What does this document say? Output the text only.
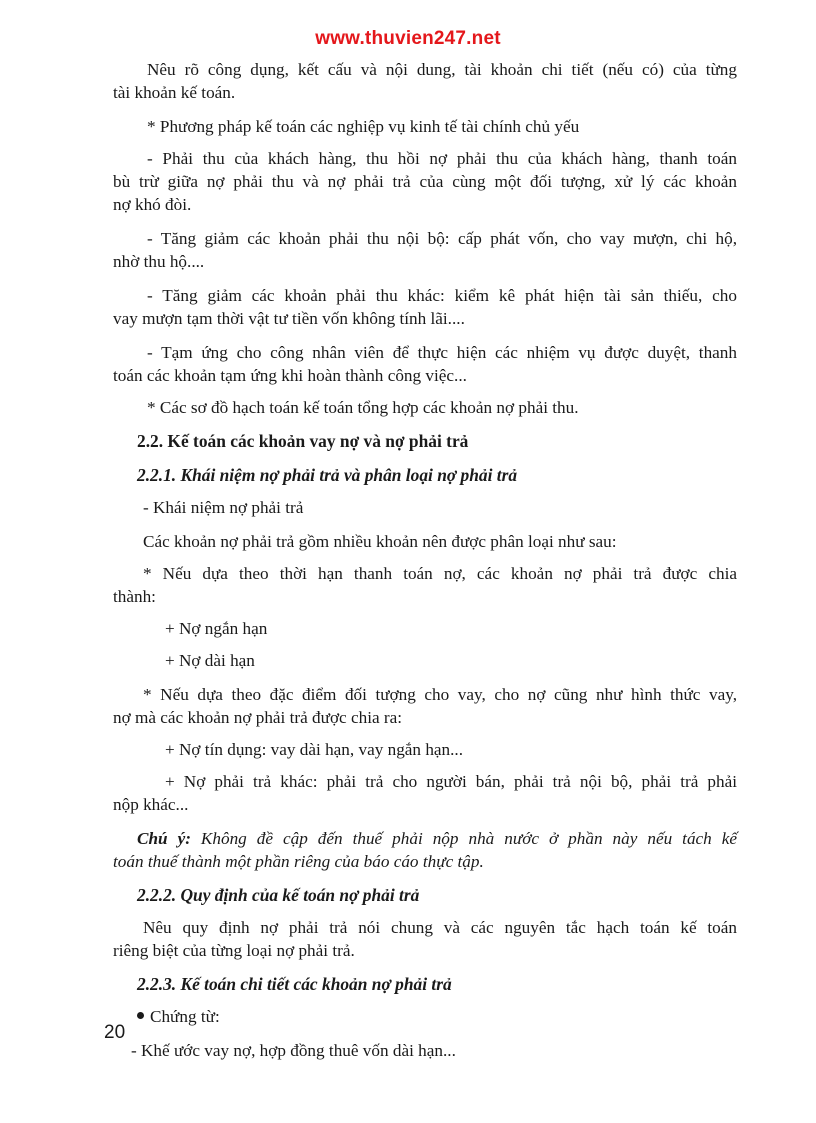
www.thuvien247.net
Nêu rõ công dụng, kết cấu và nội dung, tài khoản chi tiết (nếu có) của từng
tài khoản kế toán.
* Phương pháp kế toán các nghiệp vụ kinh tế tài chính chủ yếu
- Phải thu của khách hàng, thu hồi nợ phải thu của khách hàng, thanh toán
bù trừ giữa nợ phải thu và nợ phải trả của cùng một đối tượng, xử lý các khoản
nợ khó đòi.
- Tăng giảm các khoản phải thu nội bộ: cấp phát vốn, cho vay mượn, chi hộ,
nhờ thu hộ....
- Tăng giảm các khoản phải thu khác: kiểm kê phát hiện tài sản thiếu, cho
vay mượn tạm thời vật tư tiền vốn không tính lãi....
- Tạm ứng cho công nhân viên để thực hiện các nhiệm vụ được duyệt, thanh
toán các khoản tạm ứng khi hoàn thành công việc...
* Các sơ đồ hạch toán kế toán tổng hợp các khoản nợ phải thu.
2.2. Kế toán các khoản vay nợ và nợ phải trả
2.2.1. Khái niệm nợ phải trả và phân loại nợ phải trả
- Khái niệm nợ phải trả
Các khoản nợ phải trả gồm nhiều khoản nên được phân loại như sau:
* Nếu dựa theo thời hạn thanh toán nợ, các khoản nợ phải trả được chia
thành:
+ Nợ ngắn hạn
+ Nợ dài hạn
* Nếu dựa theo đặc điểm đối tượng cho vay, cho nợ cũng như hình thức vay,
nợ mà các khoản nợ phải trả được chia ra:
+ Nợ tín dụng: vay dài hạn, vay ngắn hạn...
+ Nợ phải trả khác: phải trả cho người bán, phải trả nội bộ, phải trả phải
nộp khác...
Chú ý: Không đề cập đến thuế phải nộp nhà nước ở phần này nếu tách kế
toán thuế thành một phần riêng của báo cáo thực tập.
2.2.2. Quy định của kế toán nợ phải trả
Nêu quy định nợ phải trả nói chung và các nguyên tắc hạch toán kế toán
riêng biệt của từng loại nợ phải trả.
2.2.3. Kế toán chi tiết các khoản nợ phải trả
Chứng từ:
- Khế ước vay nợ, hợp đồng thuê vốn dài hạn...
20
